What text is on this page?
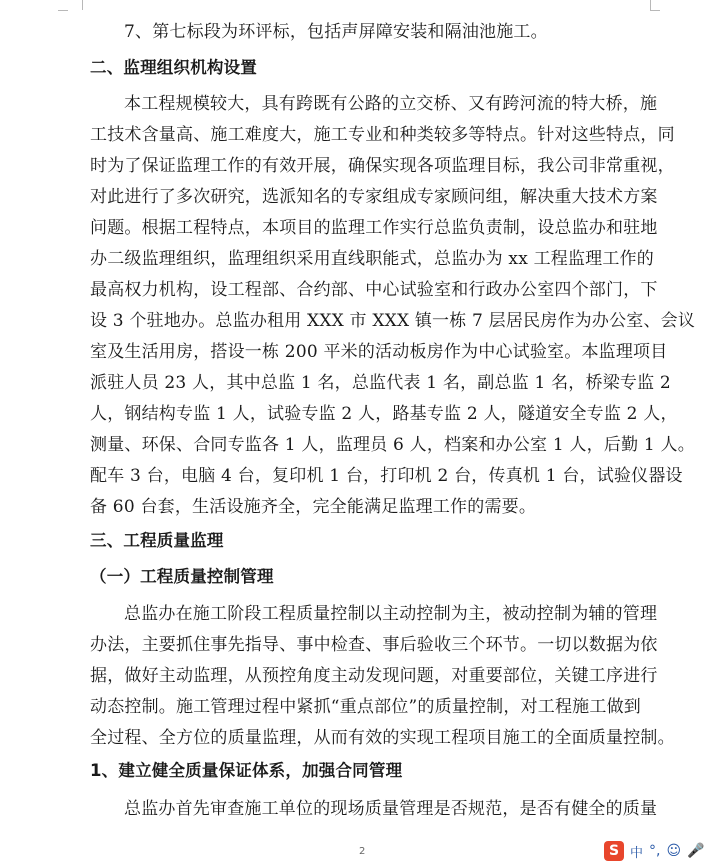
7、第七标段为环评标，包括声屏障安装和隔油池施工。
二、监理组织机构设置
本工程规模较大，具有跨既有公路的立交桥、又有跨河流的特大桥，施
工技术含量高、施工难度大，施工专业和种类较多等特点。针对这些特点，同
时为了保证监理工作的有效开展，确保实现各项监理目标，我公司非常重视，
对此进行了多次研究，选派知名的专家组成专家顾问组，解决重大技术方案
问题。根据工程特点，本项目的监理工作实行总监负责制，设总监办和驻地
办二级监理组织，监理组织采用直线职能式，总监办为 xx 工程监理工作的
最高权力机构，设工程部、合约部、中心试验室和行政办公室四个部门，下
设 3 个驻地办。总监办租用 XXX 市 XXX 镇一栋 7 层居民房作为办公室、会议
室及生活用房，搭设一栋 200 平米的活动板房作为中心试验室。本监理项目
派驻人员 23 人，其中总监 1 名，总监代表 1 名，副总监 1 名，桥梁专监 2
人，钢结构专监 1 人，试验专监 2 人，路基专监 2 人，隧道安全专监 2 人，
测量、环保、合同专监各 1 人，监理员 6 人，档案和办公室 1 人，后勤 1 人。
配车 3 台，电脑 4 台，复印机 1 台，打印机 2 台，传真机 1 台，试验仪器设
备 60 台套，生活设施齐全，完全能满足监理工作的需要。
三、工程质量监理
（一）工程质量控制管理
总监办在施工阶段工程质量控制以主动控制为主，被动控制为辅的管理
办法，主要抓住事先指导、事中检查、事后验收三个环节。一切以数据为依
据，做好主动监理，从预控角度主动发现问题，对重要部位，关键工序进行
动态控制。施工管理过程中紧抓“重点部位”的质量控制，对工程施工做到
全过程、全方位的质量监理，从而有效的实现工程项目施工的全面质量控制。
1、建立健全质量保证体系，加强合同管理
总监办首先审查施工单位的现场质量管理是否规范，是否有健全的质量
2	S 中 °, ☺ 🎤
